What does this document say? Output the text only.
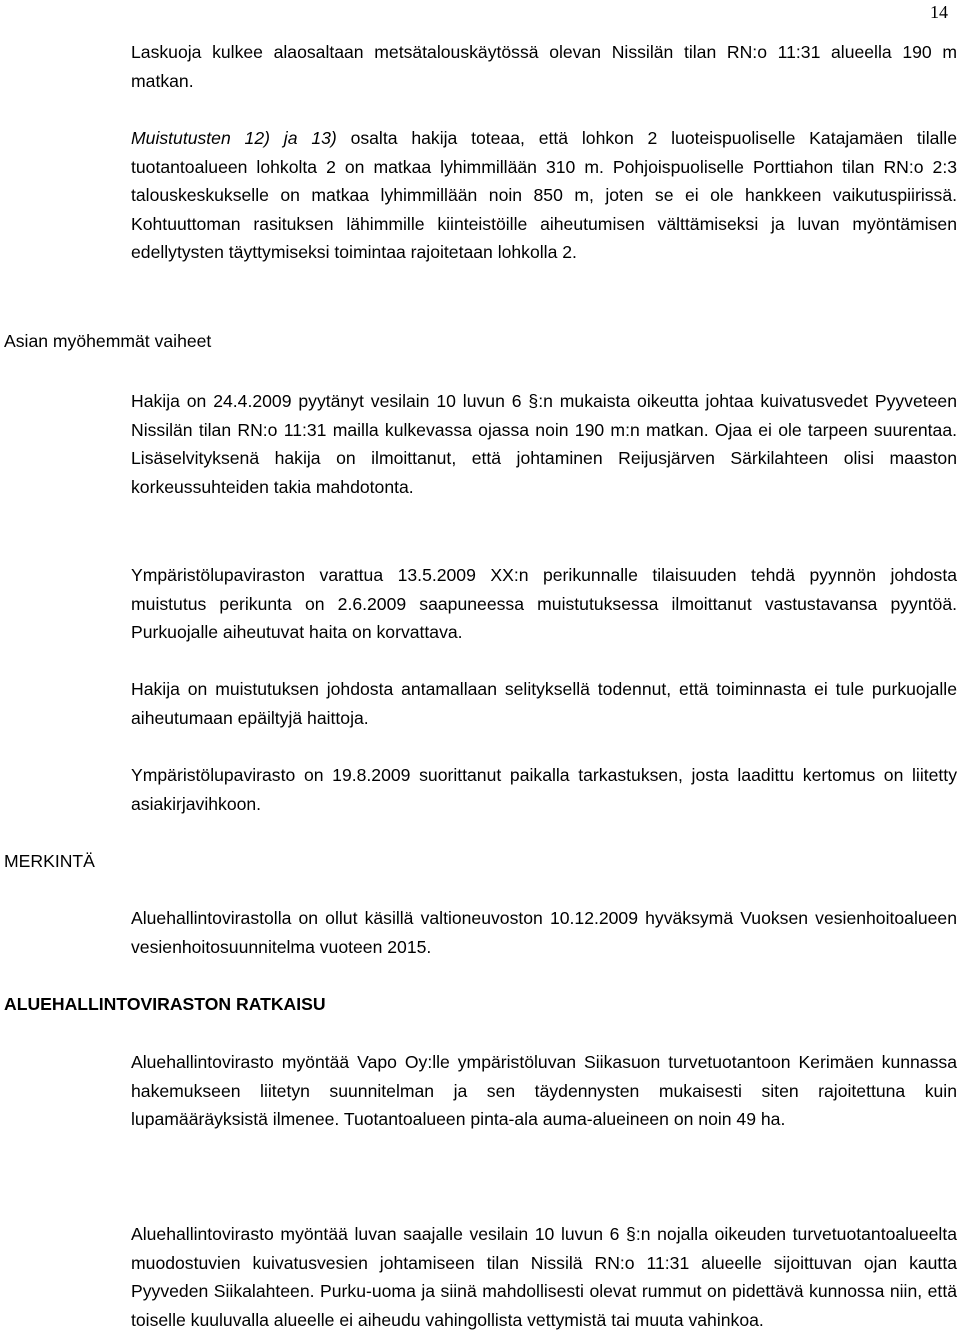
14

Laskuoja kulkee alaosaltaan metsätalouskäytössä olevan Nissilän tilan RN:o 11:31 alueella 190 m matkan.

Muistutusten 12) ja 13) osalta hakija toteaa, että lohkon 2 luoteispuoliselle Katajamäen tilalle tuotantoalueen lohkolta 2 on matkaa lyhimmillään 310 m. Pohjoispuoliselle Porttiahon tilan RN:o 2:3 talouskeskukselle on matkaa lyhimmillään noin 850 m, joten se ei ole hankkeen vaikutuspiirissä. Kohtuuttoman rasituksen lähimmille kiinteistöille aiheutumisen välttämiseksi ja luvan myöntämisen edellytysten täyttymiseksi toimintaa rajoitetaan lohkolla 2.

Asian myöhemmät vaiheet

Hakija on 24.4.2009 pyytänyt vesilain 10 luvun 6 §:n mukaista oikeutta johtaa kuivatusvedet Pyyveteen Nissilän tilan RN:o 11:31 mailla kulkevassa ojassa noin 190 m:n matkan. Ojaa ei ole tarpeen suurentaa. Lisäselvityksenä hakija on ilmoittanut, että johtaminen Reijusjärven Särkilahteen olisi maaston korkeussuhteiden takia mahdotonta.

Ympäristölupaviraston varattua 13.5.2009 XX:n perikunnalle tilaisuuden tehdä pyynnön johdosta muistutus perikunta on 2.6.2009 saapuneessa muistutuksessa ilmoittanut vastustavansa pyyntöä. Purkuojalle aiheutuvat haita on korvattava.

Hakija on muistutuksen johdosta antamallaan selityksellä todennut, että toiminnasta ei tule purkuojalle aiheutumaan epäiltyjä haittoja.

Ympäristölupavirasto on 19.8.2009 suorittanut paikalla tarkastuksen, josta laadittu kertomus on liitetty asiakirjavihkoon.

MERKINTÄ

Aluehallintovirastolla on ollut käsillä valtioneuvoston 10.12.2009 hyväksymä Vuoksen vesienhoitoalueen vesienhoitosuunnitelma vuoteen 2015.

ALUEHALLINTOVIRASTON RATKAISU

Aluehallintovirasto myöntää Vapo Oy:lle ympäristöluvan Siikasuon turvetuotantoon Kerimäen kunnassa hakemukseen liitetyn suunnitelman ja sen täydennysten mukaisesti siten rajoitettuna kuin lupamääräyksistä ilmenee. Tuotantoalueen pinta-ala auma-alueineen on noin 49 ha.

Aluehallintovirasto myöntää luvan saajalle vesilain 10 luvun 6 §:n nojalla oikeuden turvetuotantoalueelta muodostuvien kuivatusvesien johtamiseen tilan Nissilä RN:o 11:31 alueelle sijoittuvan ojan kautta Pyyveden Siikalahteen. Purku-uoma ja siinä mahdollisesti olevat rummut on pidettävä kunnossa niin, että toiselle kuuluvalla alueelle ei aiheudu vahingollista vettymistä tai muuta vahinkoa.
